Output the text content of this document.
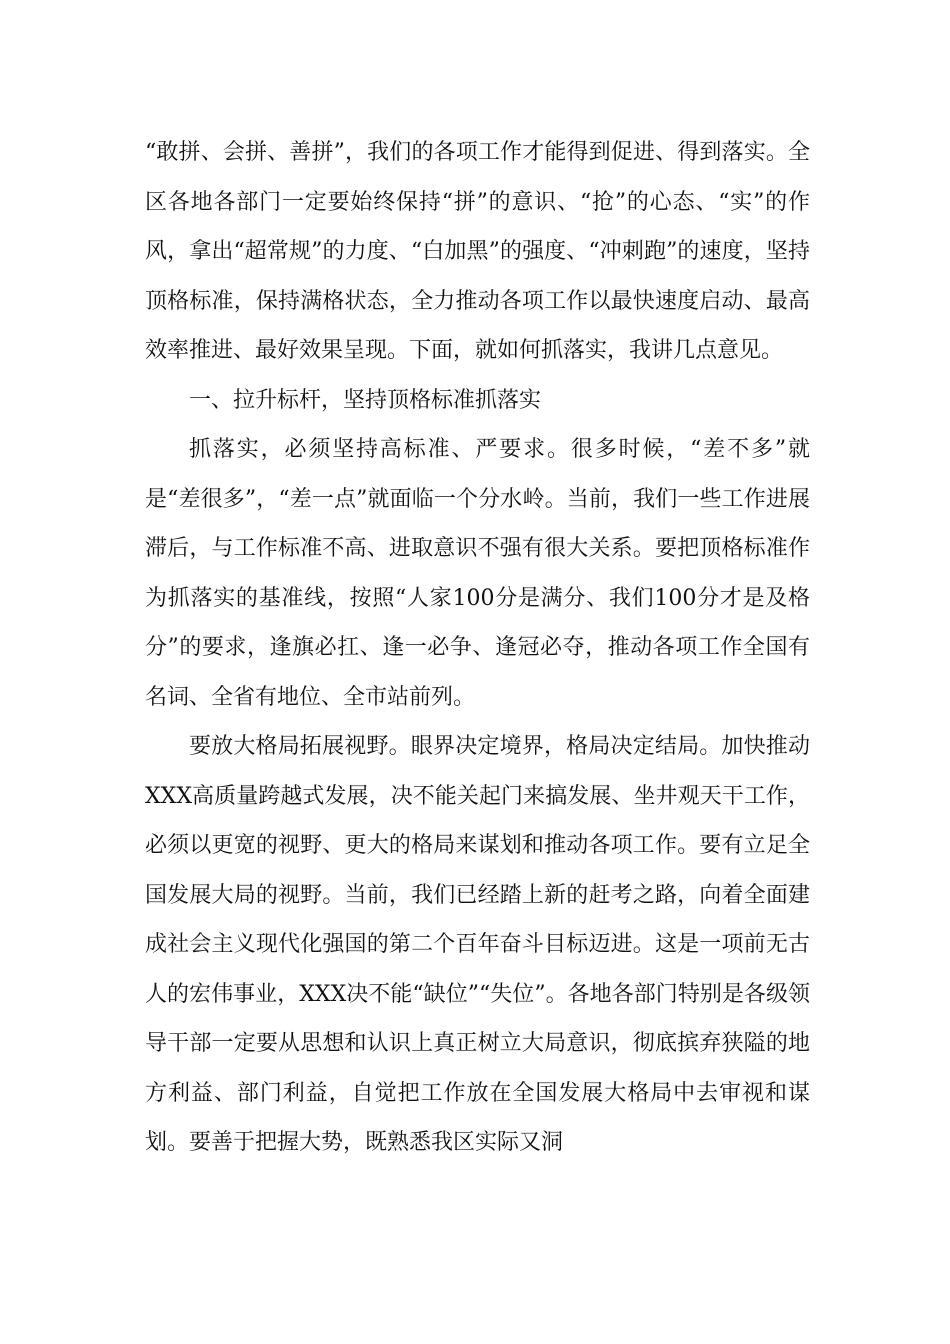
“敢拼、会拼、善拼”，我们的各项工作才能得到促进、得到落实。全区各地各部门一定要始终保持“拼”的意识、“抢”的心态、“实”的作风，拿出“超常规”的力度、“白加黑”的强度、“冲刺跑”的速度，坚持顶格标准，保持满格状态，全力推动各项工作以最快速度启动、最高效率推进、最好效果呈现。下面，就如何抓落实，我讲几点意见。

一、拉升标杆，坚持顶格标准抓落实

抓落实，必须坚持高标准、严要求。很多时候，“差不多”就是“差很多”，“差一点”就面临一个分水岭。当前，我们一些工作进展滞后，与工作标准不高、进取意识不强有很大关系。要把顶格标准作为抓落实的基准线，按照“人家100分是满分、我们100分才是及格分”的要求，逢旗必扛、逢一必争、逢冠必夺，推动各项工作全国有名词、全省有地位、全市站前列。

要放大格局拓展视野。眼界决定境界，格局决定结局。加快推动XXX高质量跨越式发展，决不能关起门来搞发展、坐井观天干工作，必须以更宽的视野、更大的格局来谋划和推动各项工作。要有立足全国发展大局的视野。当前，我们已经踏上新的赶考之路，向着全面建成社会主义现代化强国的第二个百年奋斗目标迈进。这是一项前无古人的宏伟事业，XXX决不能“缺位”“失位”。各地各部门特别是各级领导干部一定要从思想和认识上真正树立大局意识，彻底摈弃狭隘的地方利益、部门利益，自觉把工作放在全国发展大格局中去审视和谋划。要善于把握大势，既熟悉我区实际又洞
